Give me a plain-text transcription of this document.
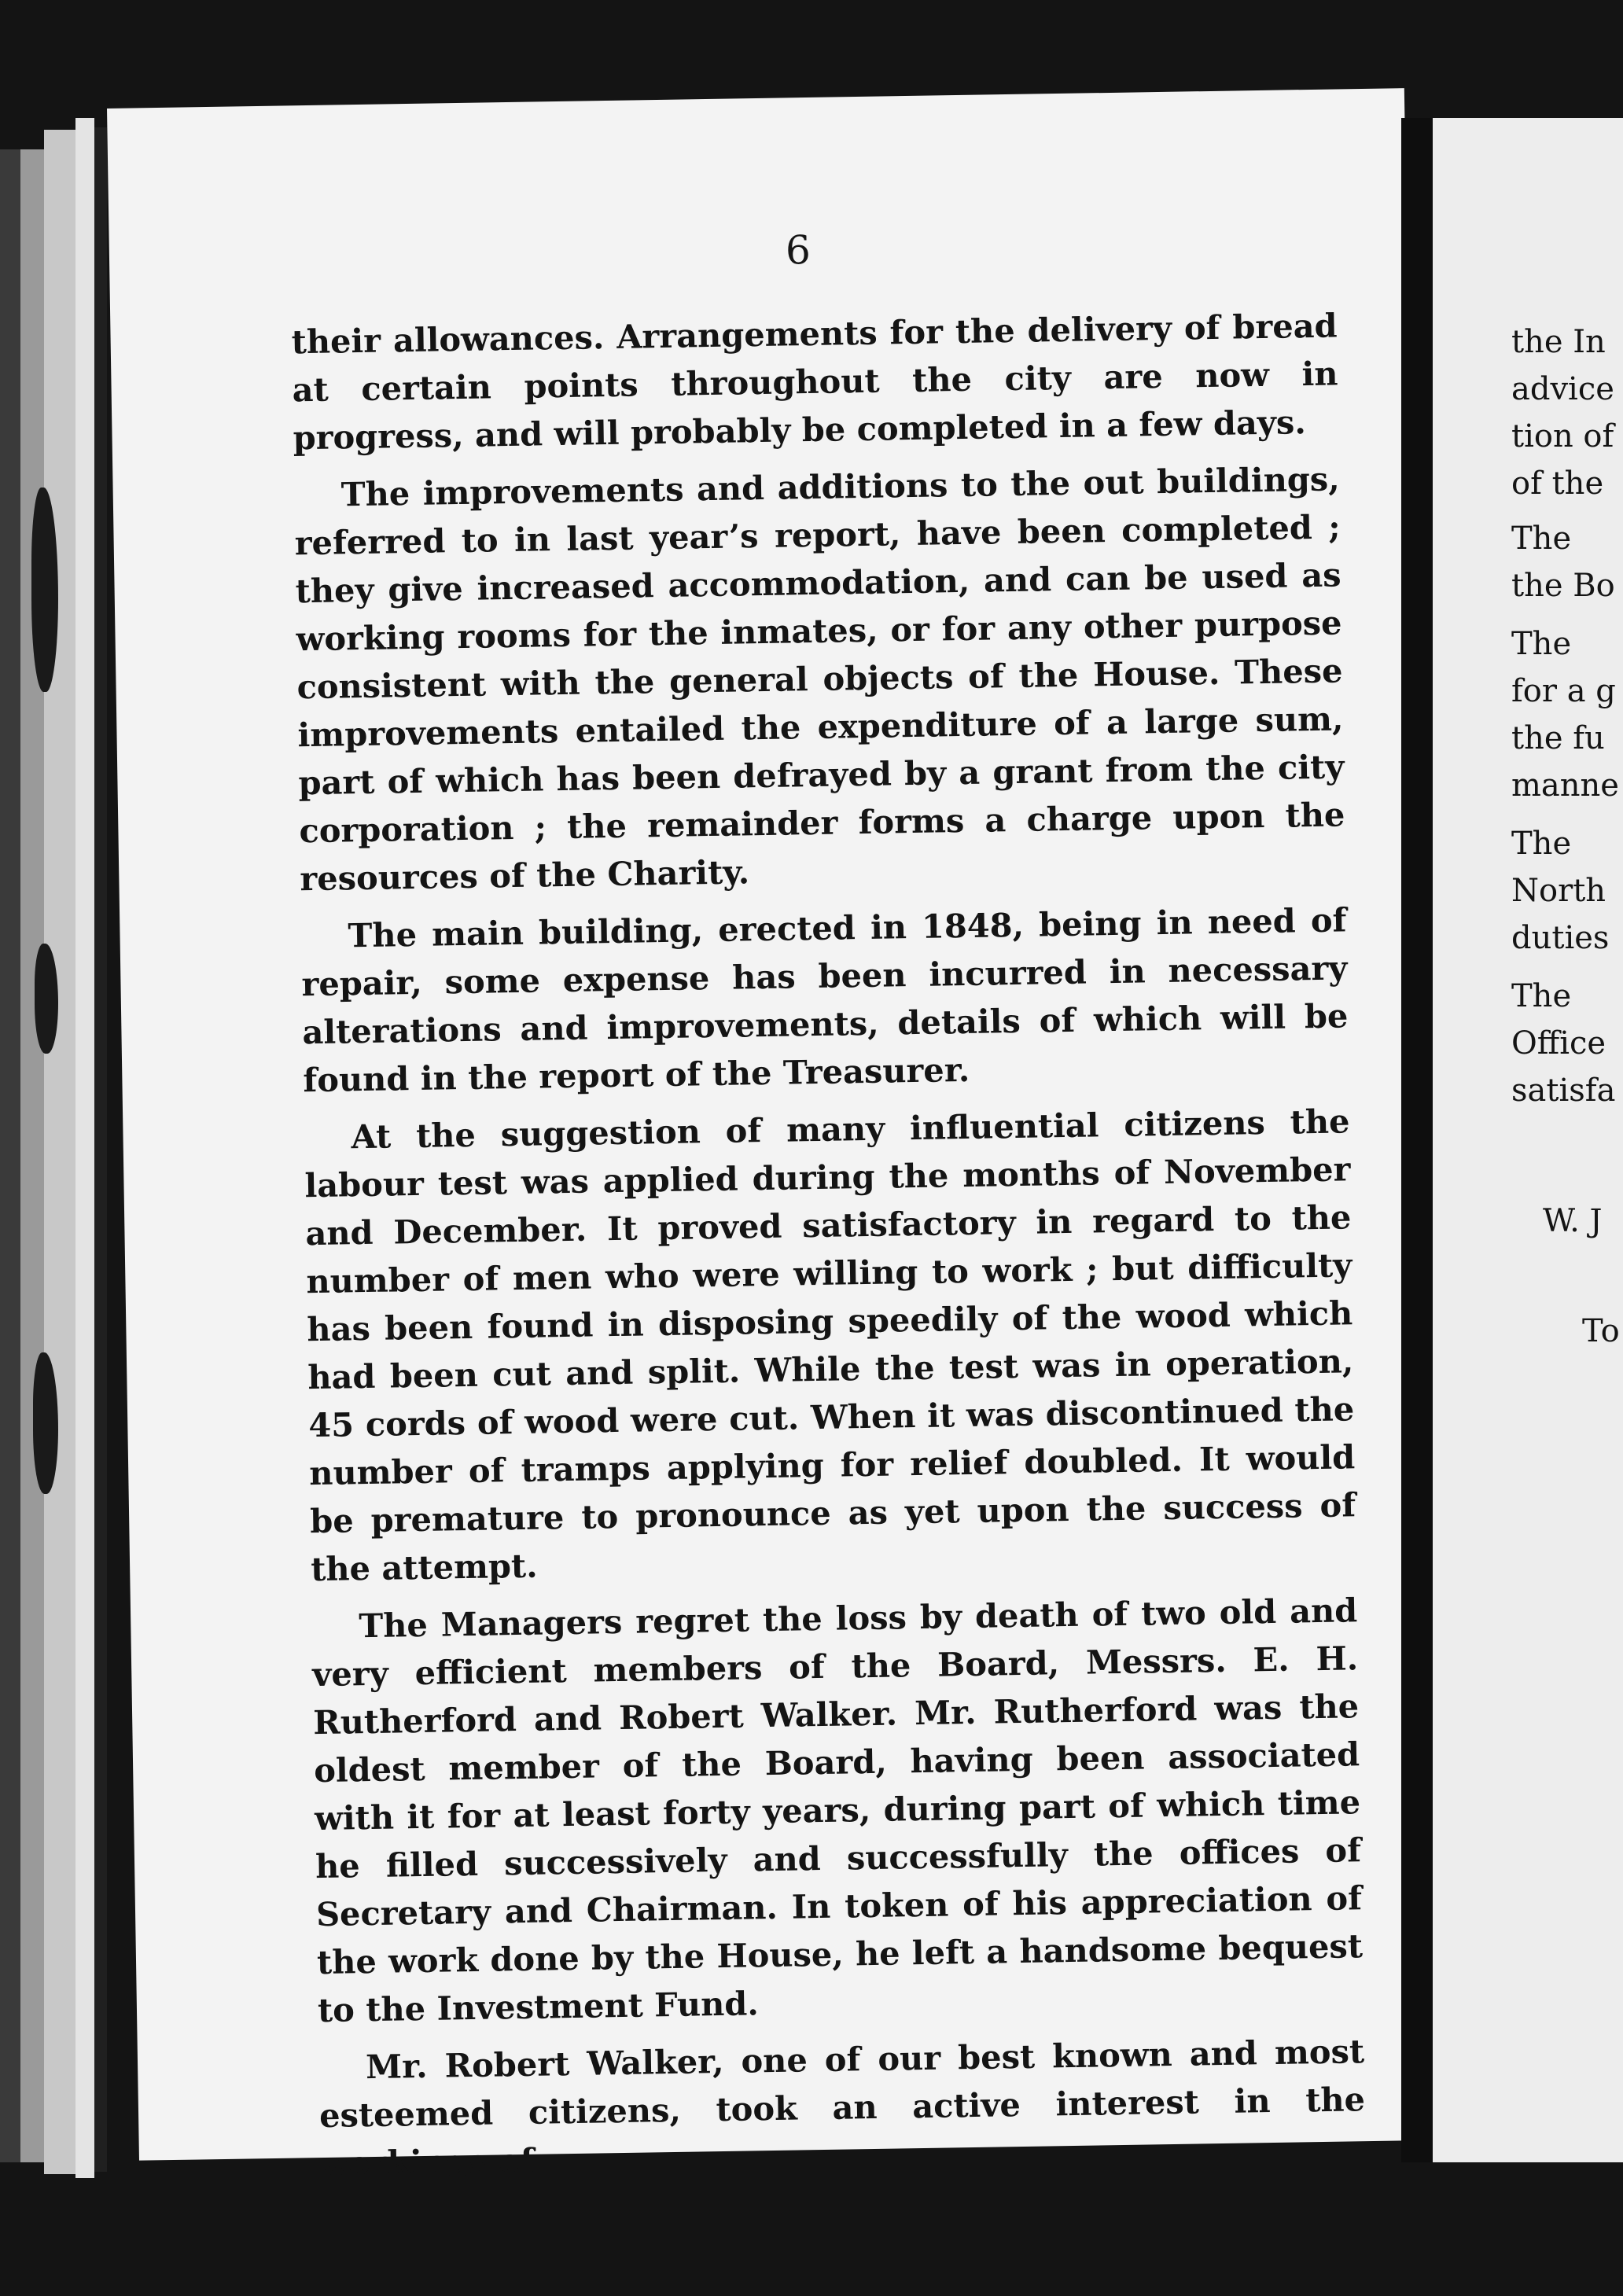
6

their allowances. Arrangements for the delivery of bread at certain points throughout the city are now in progress, and will probably be completed in a few days.

The improvements and additions to the out buildings, referred to in last year’s report, have been completed ; they give increased accommodation, and can be used as working rooms for the inmates, or for any other purpose consistent with the general objects of the House. These improvements entailed the expenditure of a large sum, part of which has been defrayed by a grant from the city corporation ; the remainder forms a charge upon the resources of the Charity.

The main building, erected in 1848, being in need of repair, some expense has been incurred in necessary alterations and improvements, details of which will be found in the report of the Treasurer.

At the suggestion of many influential citizens the labour test was applied during the months of November and December. It proved satisfactory in regard to the number of men who were willing to work ; but difficulty has been found in disposing speedily of the wood which had been cut and split. While the test was in operation, 45 cords of wood were cut. When it was discontinued the number of tramps applying for relief doubled. It would be premature to pronounce as yet upon the success of the attempt.

The Managers regret the loss by death of two old and very efficient members of the Board, Messrs. E. H. Rutherford and Robert Walker. Mr. Rutherford was the oldest member of the Board, having been associated with it for at least forty years, during part of which time he filled successively and successfully the offices of Secretary and Chairman. In token of his appreciation of the work done by the House, he left a handsome bequest to the Investment Fund.

Mr. Robert Walker, one of our best known and most esteemed citizens, took an active interest in the workings of

the In
advice
tion of
of the
The
the Bo
The
for a g
the fu
manne
The
North
duties
The
Office
satisfa
W. J
To
